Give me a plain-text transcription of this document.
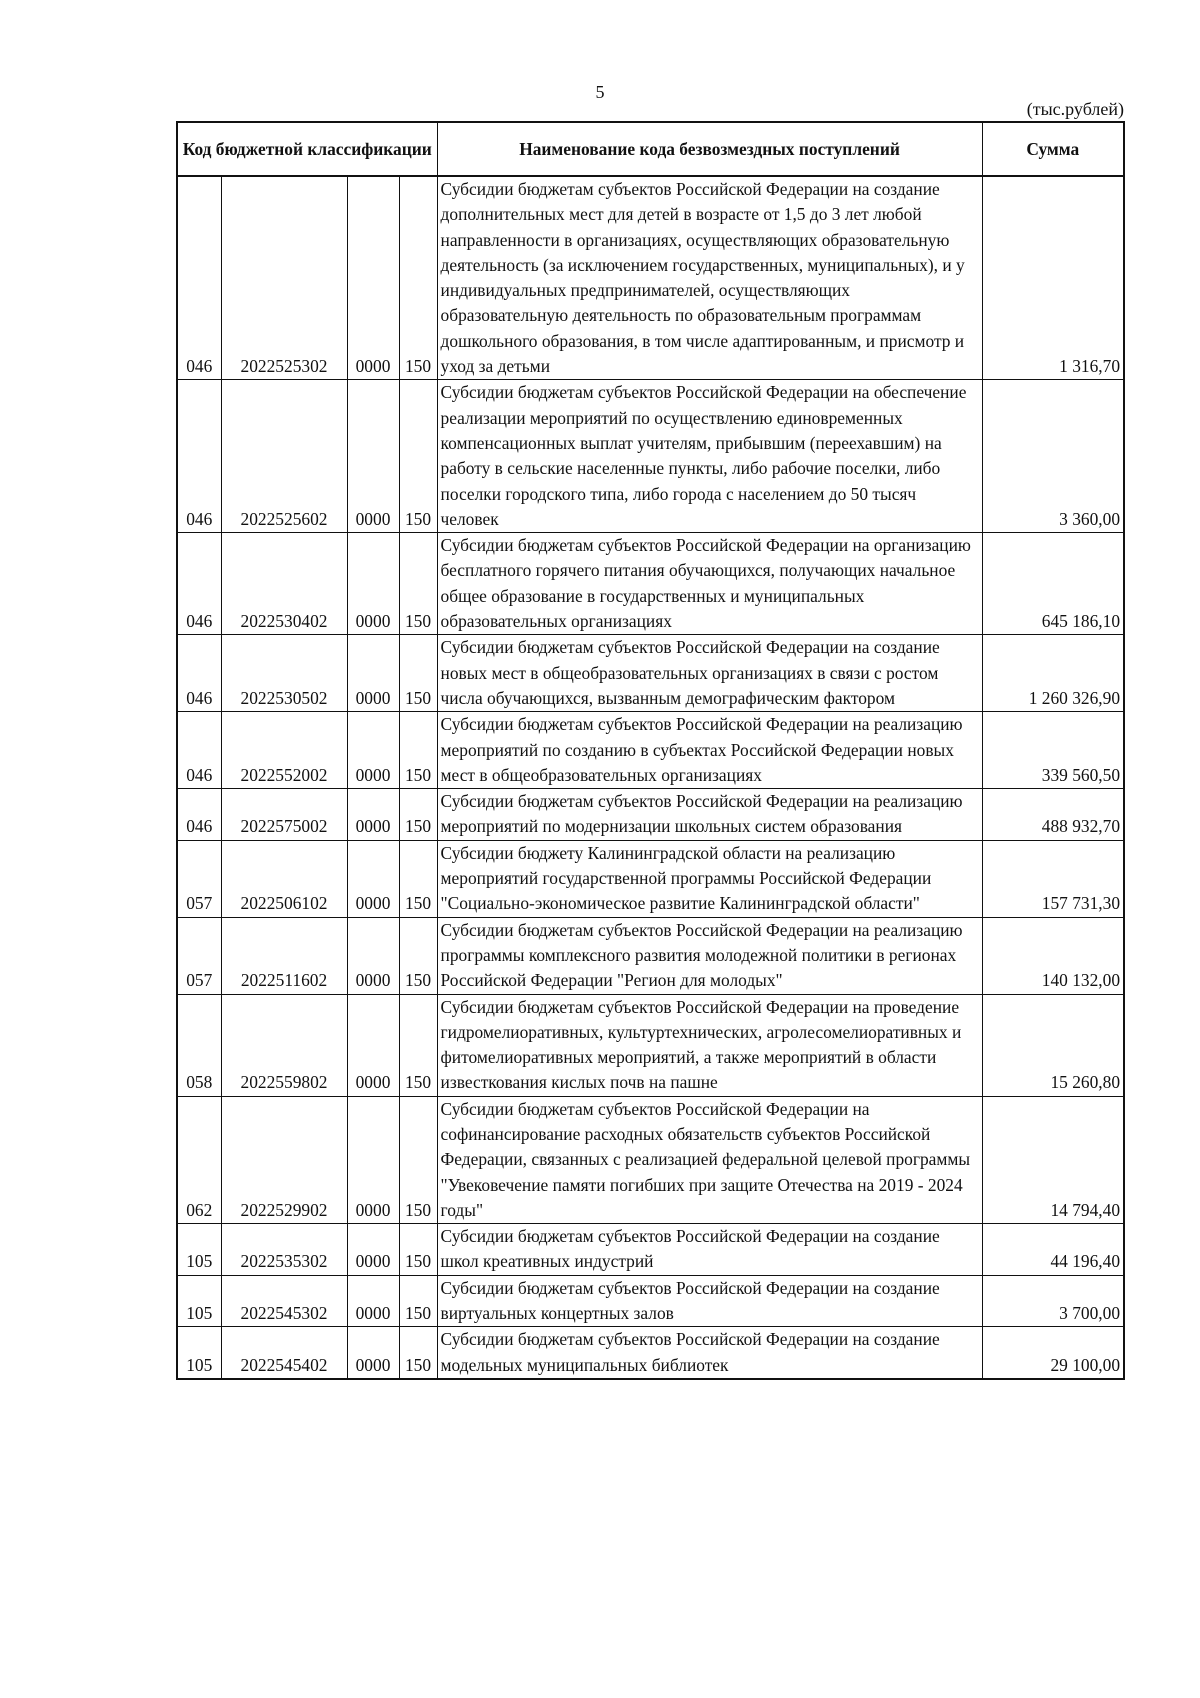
5
(тыс.рублей)
Код бюджетной классификации				Наименование кода безвозмездных поступлений	Сумма
046	2022525302	0000	150	Субсидии бюджетам субъектов Российской Федерации на создание дополнительных мест для детей в возрасте от 1,5 до 3 лет любой направленности в организациях, осуществляющих образовательную деятельность (за исключением государственных, муниципальных), и у индивидуальных предпринимателей, осуществляющих образовательную деятельность по образовательным программам дошкольного образования, в том числе адаптированным, и присмотр и уход за детьми	1 316,70
046	2022525602	0000	150	Субсидии бюджетам субъектов Российской Федерации на обеспечение реализации мероприятий по осуществлению единовременных компенсационных выплат учителям, прибывшим (переехавшим) на работу в сельские населенные пункты, либо рабочие поселки, либо поселки городского типа, либо города с населением до 50 тысяч человек	3 360,00
046	2022530402	0000	150	Субсидии бюджетам субъектов Российской Федерации на организацию бесплатного горячего питания обучающихся, получающих начальное общее образование в государственных и муниципальных образовательных организациях	645 186,10
046	2022530502	0000	150	Субсидии бюджетам субъектов Российской Федерации на создание новых мест в общеобразовательных организациях в связи с ростом числа обучающихся, вызванным демографическим фактором	1 260 326,90
046	2022552002	0000	150	Субсидии бюджетам субъектов Российской Федерации на реализацию мероприятий по созданию в субъектах Российской Федерации новых мест в общеобразовательных организациях	339 560,50
046	2022575002	0000	150	Субсидии бюджетам субъектов Российской Федерации на реализацию мероприятий по модернизации школьных систем образования	488 932,70
057	2022506102	0000	150	Субсидии бюджету Калининградской области на реализацию мероприятий государственной программы Российской Федерации "Социально-экономическое развитие Калининградской области"	157 731,30
057	2022511602	0000	150	Субсидии бюджетам субъектов Российской Федерации на реализацию программы комплексного развития молодежной политики в регионах Российской Федерации "Регион для молодых"	140 132,00
058	2022559802	0000	150	Субсидии бюджетам субъектов Российской Федерации на проведение гидромелиоративных, культуртехнических, агролесомелиоративных и фитомелиоративных мероприятий, а также мероприятий в области известкования кислых почв на пашне	15 260,80
062	2022529902	0000	150	Субсидии бюджетам субъектов Российской Федерации на софинансирование расходных обязательств субъектов Российской Федерации, связанных с реализацией федеральной целевой программы "Увековечение памяти погибших при защите Отечества на 2019 - 2024 годы"	14 794,40
105	2022535302	0000	150	Субсидии бюджетам субъектов Российской Федерации на создание школ креативных индустрий	44 196,40
105	2022545302	0000	150	Субсидии бюджетам субъектов Российской Федерации на создание виртуальных концертных залов	3 700,00
105	2022545402	0000	150	Субсидии бюджетам субъектов Российской Федерации на создание модельных муниципальных библиотек	29 100,00
